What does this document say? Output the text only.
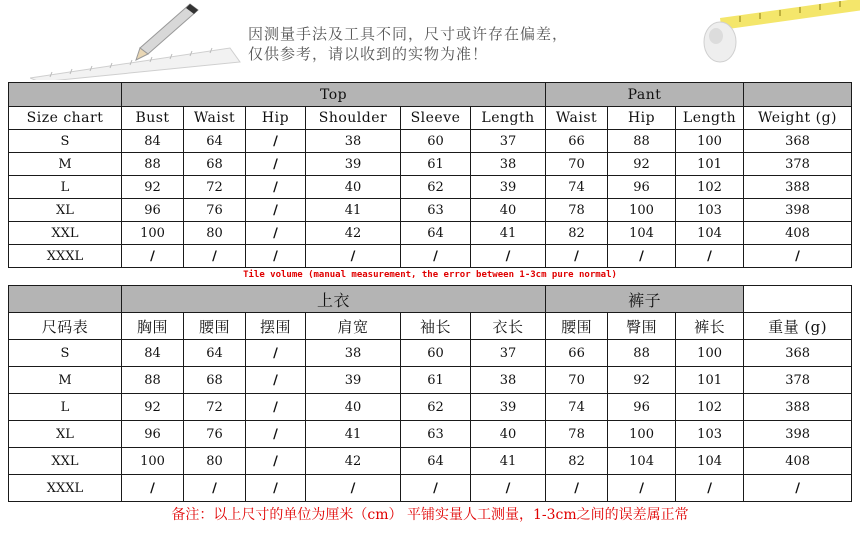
因测量手法及工具不同，尺寸或许存在偏差，
仅供参考，请以收到的实物为准！
	Top						Pant			
Size chart	Bust	Waist	Hip	Shoulder	Sleeve	Length	Waist	Hip	Length	Weight (g)
S	84	64	/	38	60	37	66	88	100	368
M	88	68	/	39	61	38	70	92	101	378
L	92	72	/	40	62	39	74	96	102	388
XL	96	76	/	41	63	40	78	100	103	398
XXL	100	80	/	42	64	41	82	104	104	408
XXXL	/	/	/	/	/	/	/	/	/	/
Tile volume (manual measurement, the error between 1-3cm pure normal)
	上衣						裤子			
尺码表	胸围	腰围	摆围	肩宽	袖长	衣长	腰围	臀围	裤长	重量 (g)
S	84	64	/	38	60	37	66	88	100	368
M	88	68	/	39	61	38	70	92	101	378
L	92	72	/	40	62	39	74	96	102	388
XL	96	76	/	41	63	40	78	100	103	398
XXL	100	80	/	42	64	41	82	104	104	408
XXXL	/	/	/	/	/	/	/	/	/	/
备注：以上尺寸的单位为厘米（cm） 平铺实量人工测量，1-3cm之间的误差属正常
